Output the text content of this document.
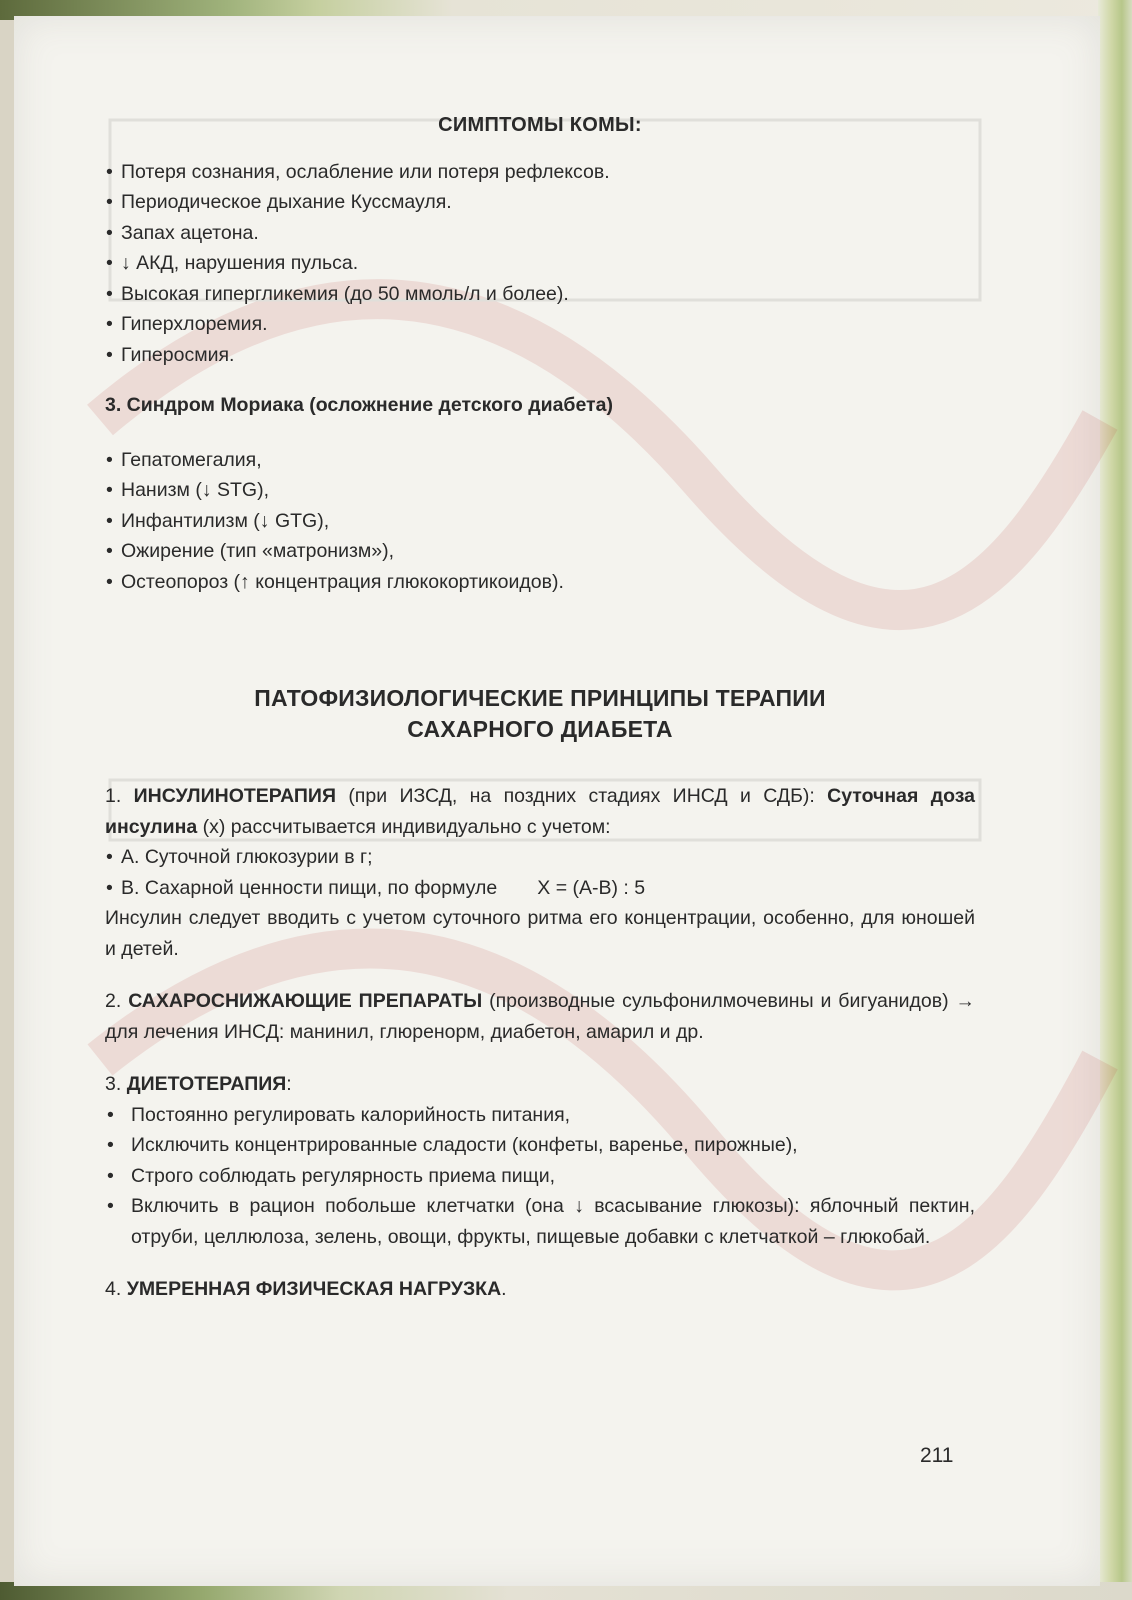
СИМПТОМЫ КОМЫ:
• Потеря сознания, ослабление или потеря рефлексов.
• Периодическое дыхание Куссмауля.
• Запах ацетона.
• ↓ АКД, нарушения пульса.
• Высокая гипергликемия (до 50 ммоль/л и более).
• Гиперхлоремия.
• Гиперосмия.
3. Синдром Мориака (осложнение детского диабета)
• Гепатомегалия,
• Нанизм (↓ STG),
• Инфантилизм (↓ GTG),
• Ожирение (тип «матронизм»),
• Остеопороз (↑ концентрация глюкокортикоидов).
ПАТОФИЗИОЛОГИЧЕСКИЕ ПРИНЦИПЫ ТЕРАПИИ
САХАРНОГО ДИАБЕТА

1. ИНСУЛИНОТЕРАПИЯ (при ИЗСД, на поздних стадиях ИНСД и СДБ): Суточная доза инсулина (x) рассчитывается индивидуально с учетом:

• А. Суточной глюкозурии в г;
• В. Сахарной ценности пищи, по формуле X = (A-B) : 5

Инсулин следует вводить с учетом суточного ритма его концентрации, особенно, для юношей и детей.

2. САХАРОСНИЖАЮЩИЕ ПРЕПАРАТЫ (производные сульфонилмочевины и бигуанидов) → для лечения ИНСД: манинил, глюренорм, диабетон, амарил и др.

3. ДИЕТОТЕРАПИЯ:

• Постоянно регулировать калорийность питания,
• Исключить концентрированные сладости (конфеты, варенье, пирожные),
• Строго соблюдать регулярность приема пищи,
• Включить в рацион побольше клетчатки (она ↓ всасывание глюкозы): яблочный пектин, отруби, целлюлоза, зелень, овощи, фрукты, пищевые добавки с клетчаткой – глюкобай.

4. УМЕРЕННАЯ ФИЗИЧЕСКАЯ НАГРУЗКА.

211
